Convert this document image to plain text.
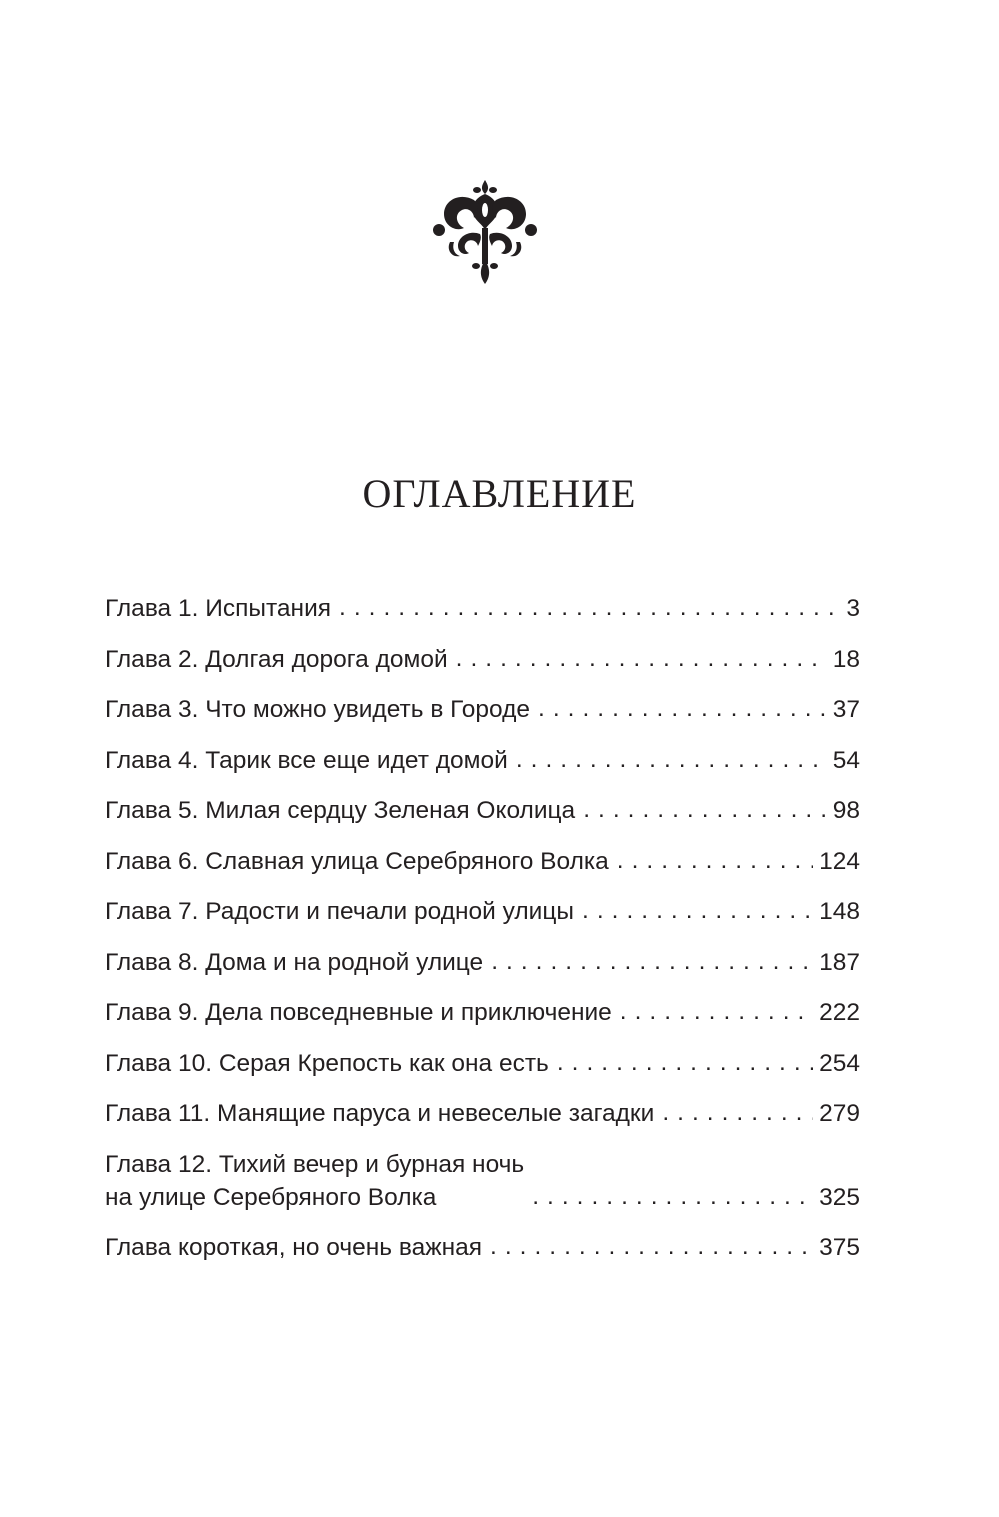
ОГЛАВЛЕНИЕ
Глава 1. Испытания . . .	3
Глава 2. Долгая дорога домой . . .	18
Глава 3. Что можно увидеть в Городе . . .	37
Глава 4. Тарик все еще идет домой . . .	54
Глава 5. Милая сердцу Зеленая Околица . . .	98
Глава 6. Славная улица Серебряного Волка . . .	124
Глава 7. Радости и печали родной улицы . . .	148
Глава 8. Дома и на родной улице . . .	187
Глава 9. Дела повседневные и приключение . . .	222
Глава 10. Серая Крепость как она есть . . .	254
Глава 11. Манящие паруса и невеселые загадки . . .	279
Глава 12. Тихий вечер и бурная ночь
на улице Серебряного Волка . . .	325
Глава короткая, но очень важная . . .	375
